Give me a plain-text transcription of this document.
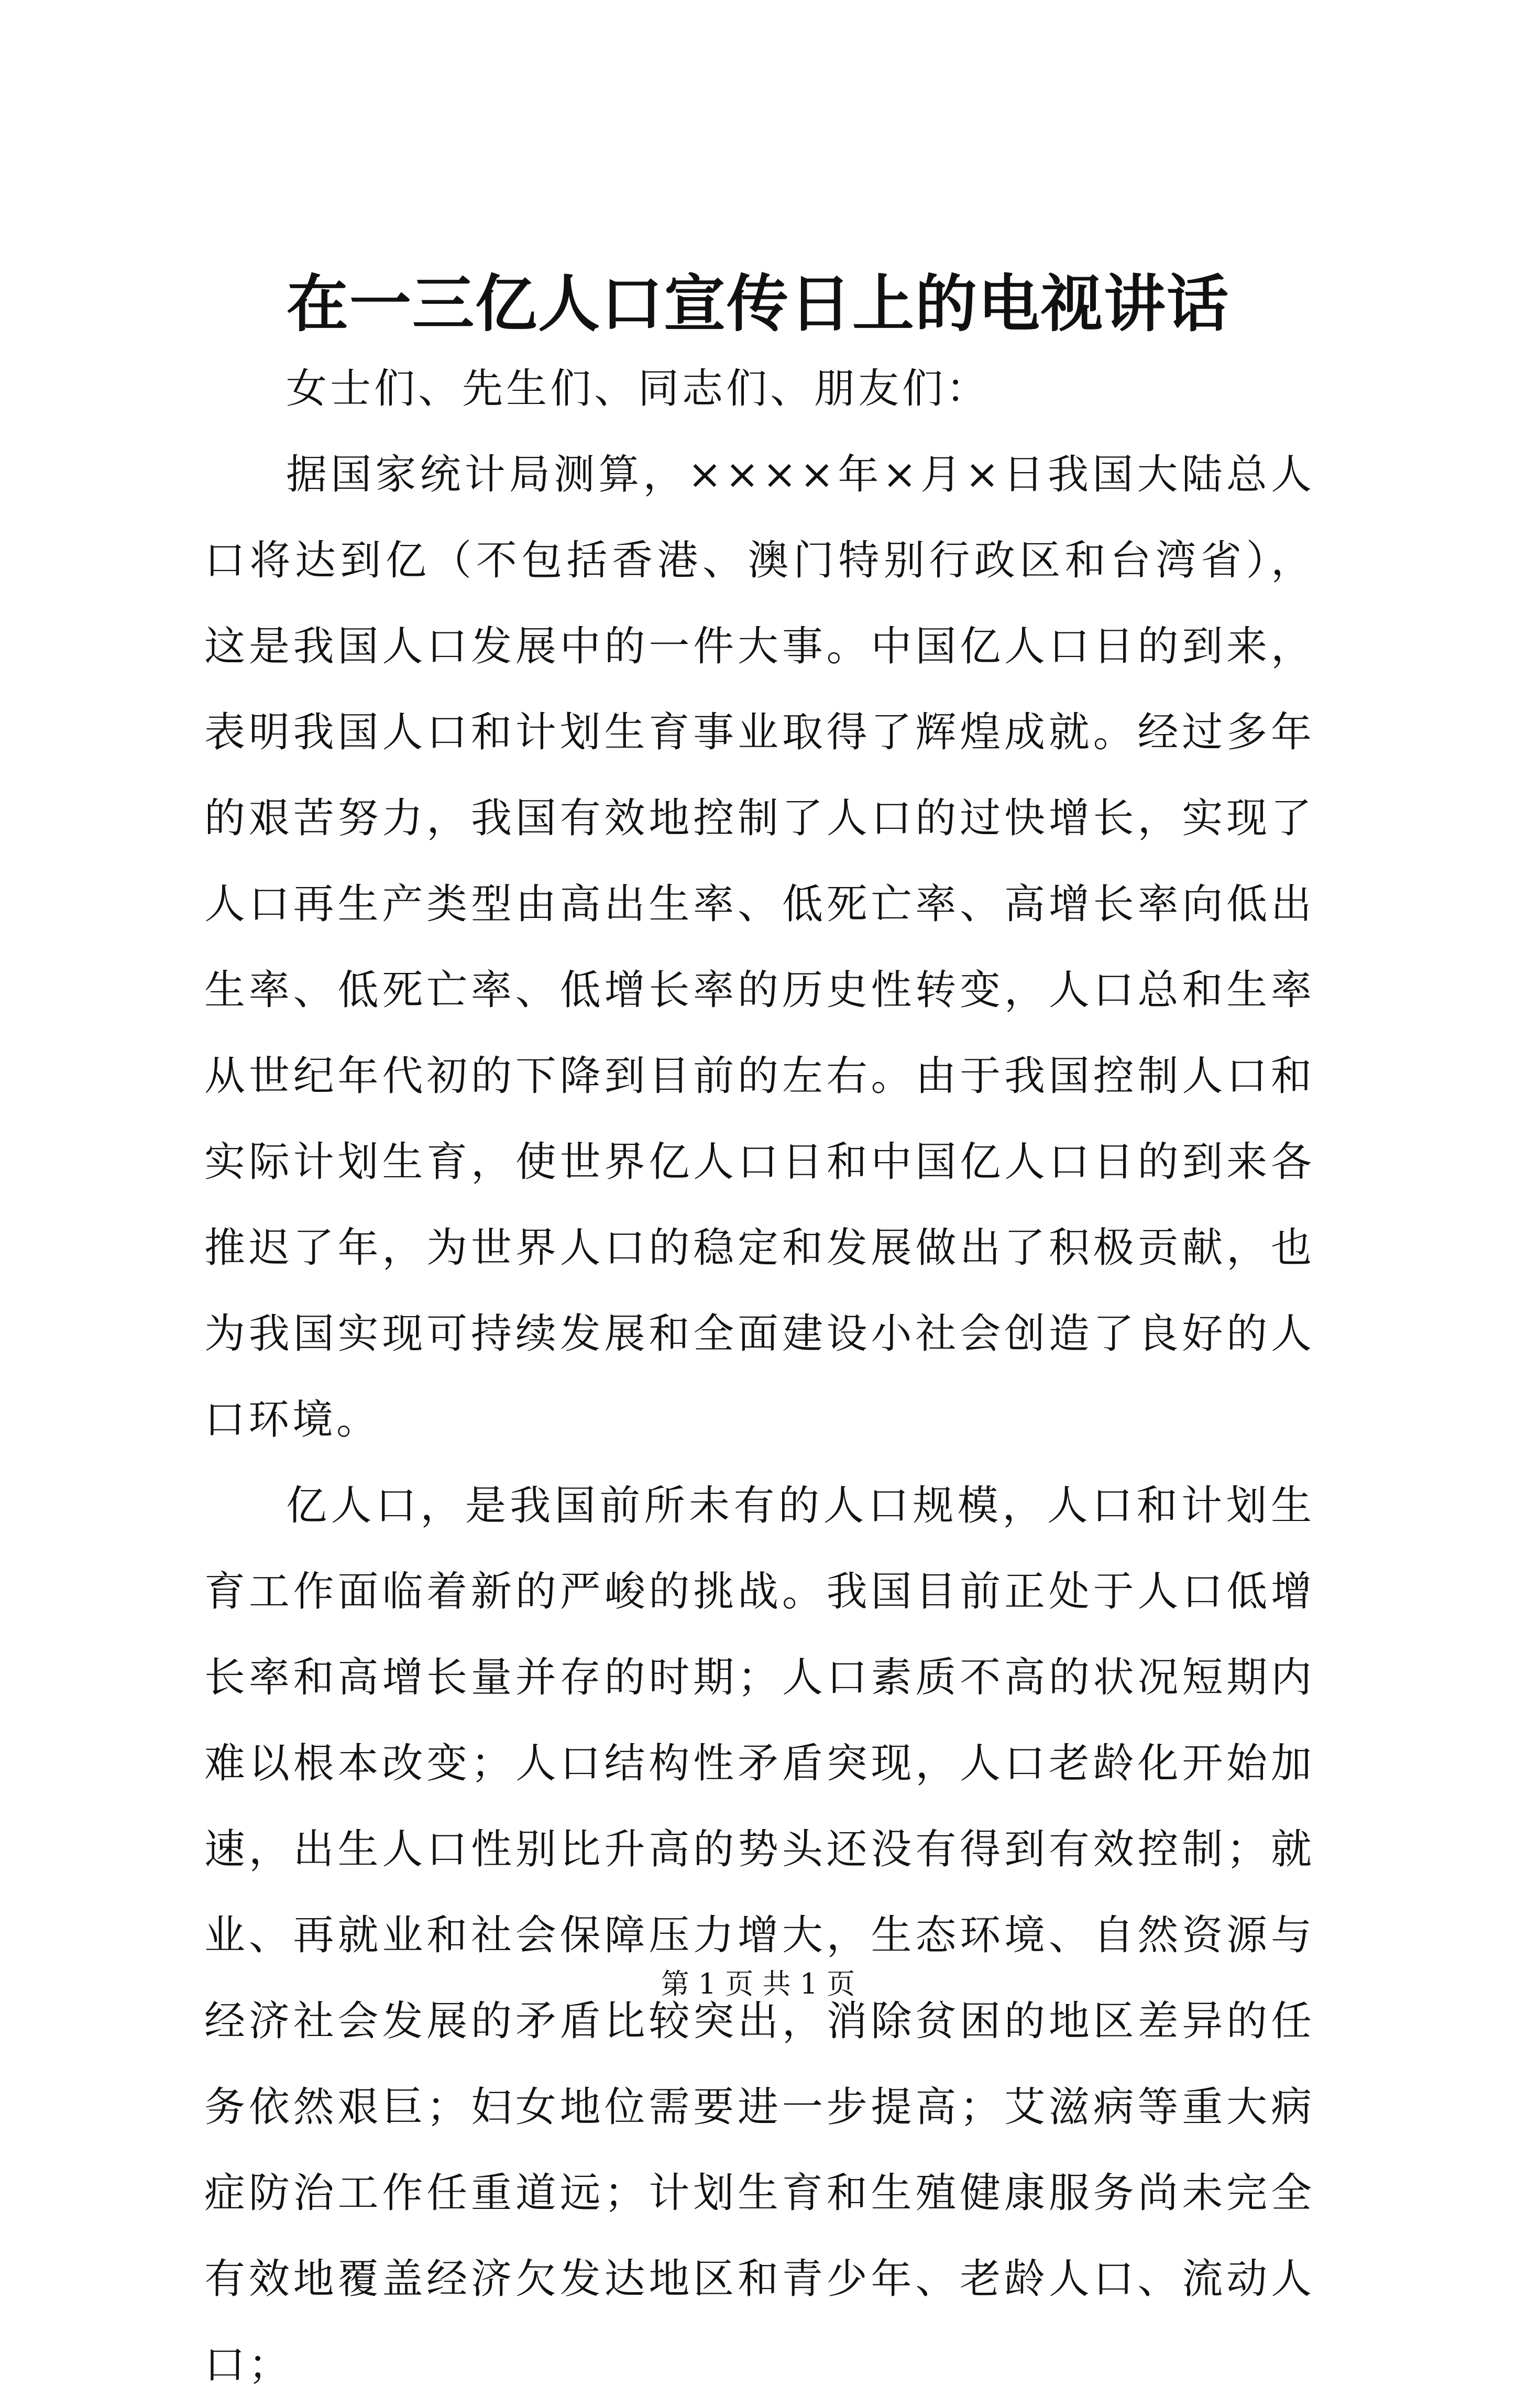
在一三亿人口宣传日上的电视讲话

女士们、先生们、同志们、朋友们：

据国家统计局测算，××××年×月×日我国大陆总人口将达到亿（不包括香港、澳门特别行政区和台湾省），这是我国人口发展中的一件大事。中国亿人口日的到来，表明我国人口和计划生育事业取得了辉煌成就。经过多年的艰苦努力，我国有效地控制了人口的过快增长，实现了人口再生产类型由高出生率、低死亡率、高增长率向低出生率、低死亡率、低增长率的历史性转变，人口总和生率从世纪年代初的下降到目前的左右。由于我国控制人口和实际计划生育，使世界亿人口日和中国亿人口日的到来各推迟了年，为世界人口的稳定和发展做出了积极贡献，也为我国实现可持续发展和全面建设小社会创造了良好的人口环境。

亿人口，是我国前所未有的人口规模，人口和计划生育工作面临着新的严峻的挑战。我国目前正处于人口低增长率和高增长量并存的时期；人口素质不高的状况短期内难以根本改变；人口结构性矛盾突现，人口老龄化开始加速，出生人口性别比升高的势头还没有得到有效控制；就业、再就业和社会保障压力增大，生态环境、自然资源与经济社会发展的矛盾比较突出，消除贫困的地区差异的任务依然艰巨；妇女地位需要进一步提高；艾滋病等重大病症防治工作任重道远；计划生育和生殖健康服务尚未完全有效地覆盖经济欠发达地区和青少年、老龄人口、流动人口；

第 1 页 共 1 页
